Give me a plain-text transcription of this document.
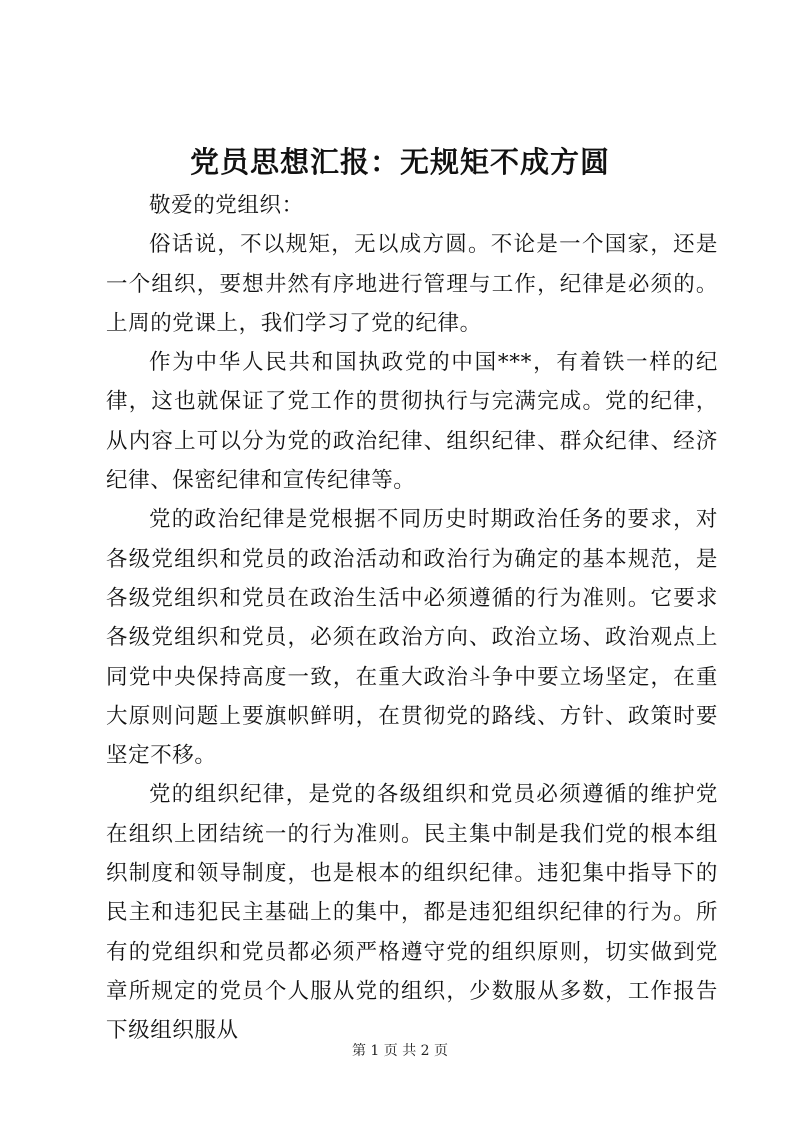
党员思想汇报：无规矩不成方圆

敬爱的党组织：

俗话说，不以规矩，无以成方圆。不论是一个国家，还是一个组织，要想井然有序地进行管理与工作，纪律是必须的。上周的党课上，我们学习了党的纪律。

作为中华人民共和国执政党的中国***，有着铁一样的纪律，这也就保证了党工作的贯彻执行与完满完成。党的纪律，从内容上可以分为党的政治纪律、组织纪律、群众纪律、经济纪律、保密纪律和宣传纪律等。

党的政治纪律是党根据不同历史时期政治任务的要求，对各级党组织和党员的政治活动和政治行为确定的基本规范，是各级党组织和党员在政治生活中必须遵循的行为准则。它要求各级党组织和党员，必须在政治方向、政治立场、政治观点上同党中央保持高度一致，在重大政治斗争中要立场坚定，在重大原则问题上要旗帜鲜明，在贯彻党的路线、方针、政策时要坚定不移。

党的组织纪律，是党的各级组织和党员必须遵循的维护党在组织上团结统一的行为准则。民主集中制是我们党的根本组织制度和领导制度，也是根本的组织纪律。违犯集中指导下的民主和违犯民主基础上的集中，都是违犯组织纪律的行为。所有的党组织和党员都必须严格遵守党的组织原则，切实做到党章所规定的党员个人服从党的组织，少数服从多数，工作报告下级组织服从

第 1 页 共 2 页
